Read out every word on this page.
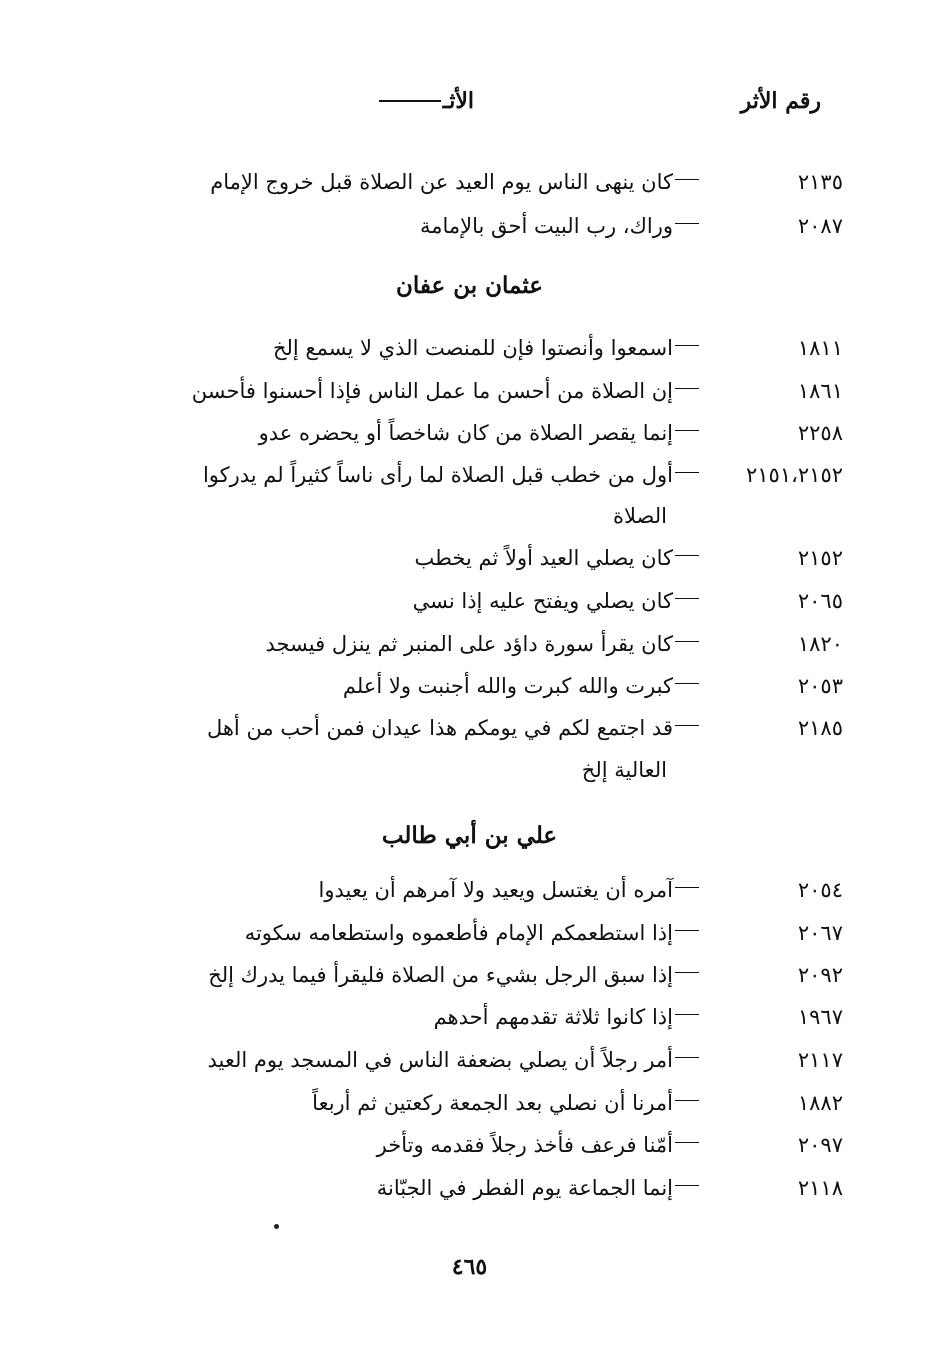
رقم الأثر
الأثـ
٢١٣٥
كان ينهى الناس يوم العيد عن الصلاة قبل خروج الإمام
٢٠٨٧
وراك، رب البيت أحق بالإمامة
عثمان بن عفان
١٨١١
اسمعوا وأنصتوا فإن للمنصت الذي لا يسمع إلخ
١٨٦١
إن الصلاة من أحسن ما عمل الناس فإذا أحسنوا فأحسن
٢٢٥٨
إنما يقصر الصلاة من كان شاخصاً أو يحضره عدو
٢١٥١،٢١٥٢
أول من خطب قبل الصلاة لما رأى ناساً كثيراً لم يدركوا
الصلاة
٢١٥٢
كان يصلي العيد أولاً ثم يخطب
٢٠٦٥
كان يصلي ويفتح عليه إذا نسي
١٨٢٠
كان يقرأ سورة داؤد على المنبر ثم ينزل فيسجد
٢٠٥٣
كبرت والله كبرت والله أجنبت ولا أعلم
٢١٨٥
قد اجتمع لكم في يومكم هذا عيدان فمن أحب من أهل
العالية إلخ
علي بن أبي طالب
٢٠٥٤
آمره أن يغتسل ويعيد ولا آمرهم أن يعيدوا
٢٠٦٧
إذا استطعمكم الإمام فأطعموه واستطعامه سكوته
٢٠٩٢
إذا سبق الرجل بشيء من الصلاة فليقرأ فيما يدرك إلخ
١٩٦٧
إذا كانوا ثلاثة تقدمهم أحدهم
٢١١٧
أمر رجلاً أن يصلي بضعفة الناس في المسجد يوم العيد
١٨٨٢
أمرنا أن نصلي بعد الجمعة ركعتين ثم أربعاً
٢٠٩٧
أمّنا فرعف فأخذ رجلاً فقدمه وتأخر
٢١١٨
إنما الجماعة يوم الفطر في الجبّانة
٤٦٥
